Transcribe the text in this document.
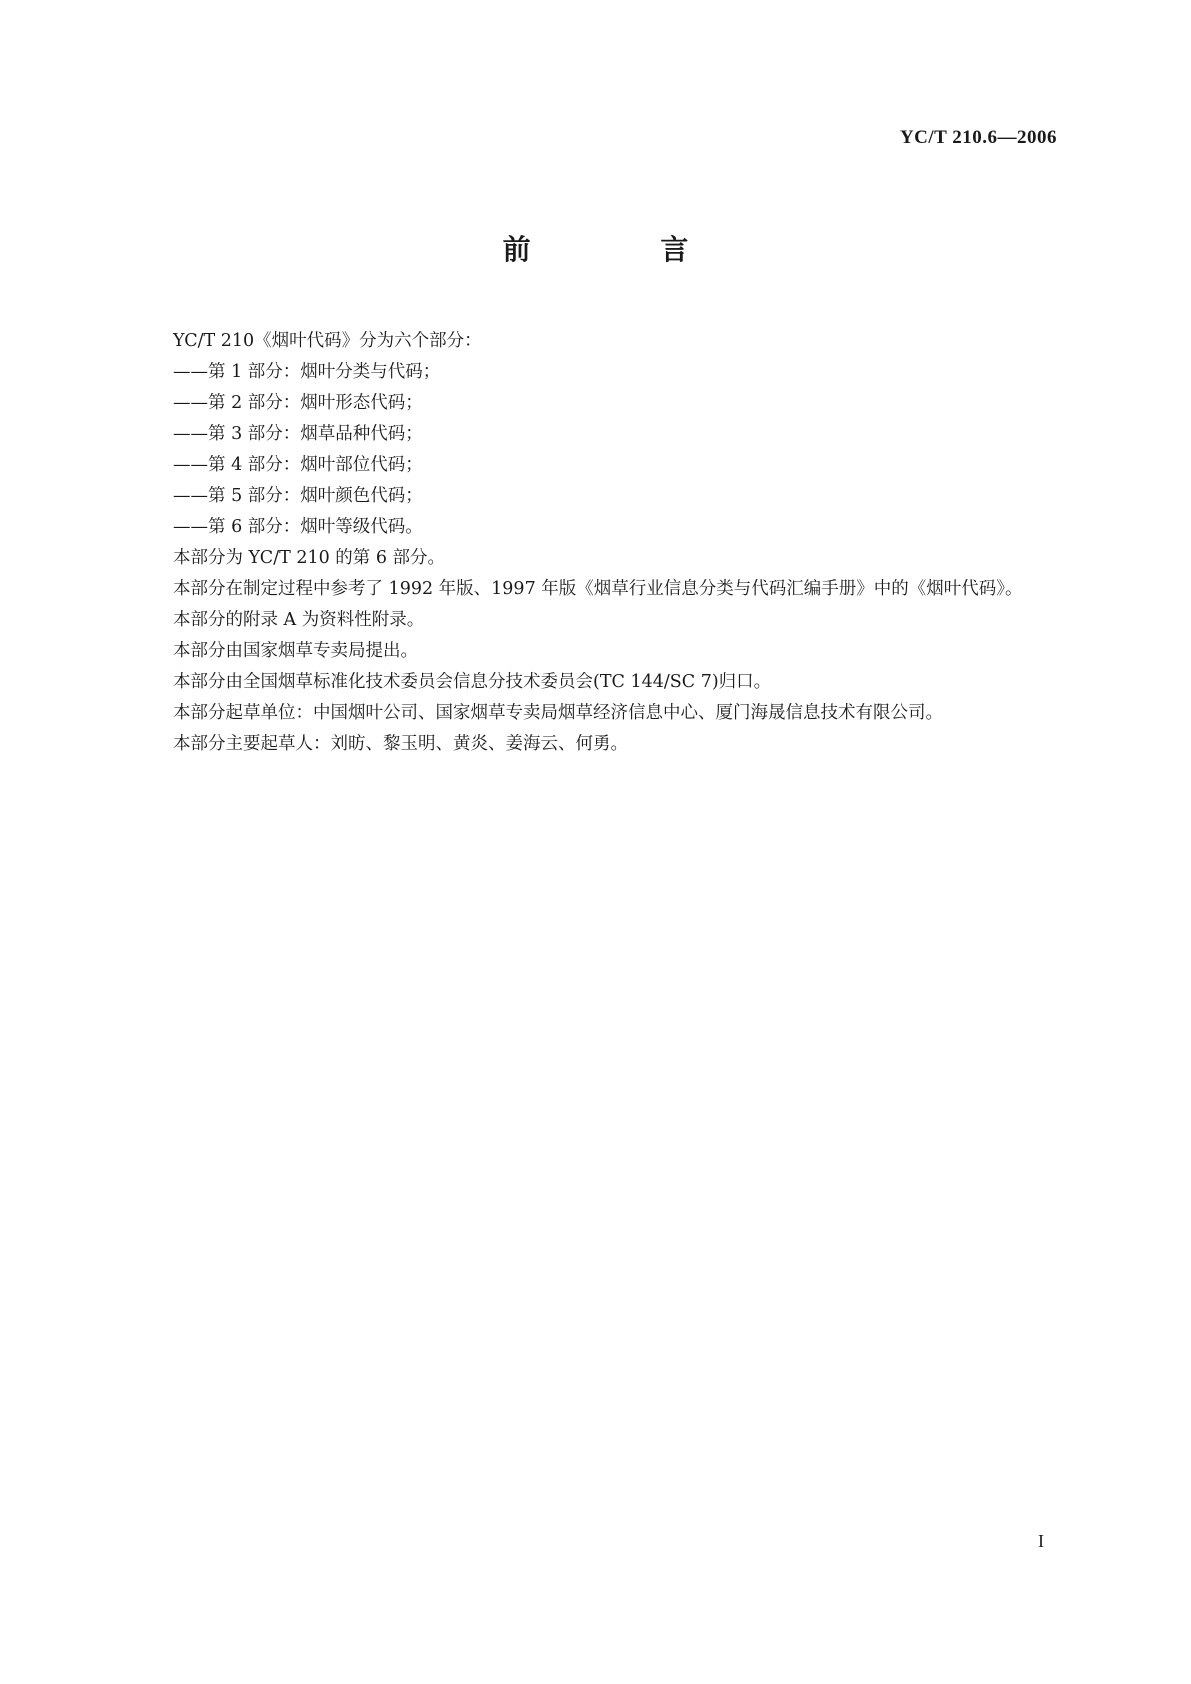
YC/T 210.6—2006
前 言
YC/T 210《烟叶代码》分为六个部分：
——第 1 部分：烟叶分类与代码；
——第 2 部分：烟叶形态代码；
——第 3 部分：烟草品种代码；
——第 4 部分：烟叶部位代码；
——第 5 部分：烟叶颜色代码；
——第 6 部分：烟叶等级代码。
本部分为 YC/T 210 的第 6 部分。
本部分在制定过程中参考了 1992 年版、1997 年版《烟草行业信息分类与代码汇编手册》中的《烟叶代码》。
本部分的附录 A 为资料性附录。
本部分由国家烟草专卖局提出。
本部分由全国烟草标准化技术委员会信息分技术委员会(TC 144/SC 7)归口。
本部分起草单位：中国烟叶公司、国家烟草专卖局烟草经济信息中心、厦门海晟信息技术有限公司。
本部分主要起草人：刘昉、黎玉明、黄炎、姜海云、何勇。
I
